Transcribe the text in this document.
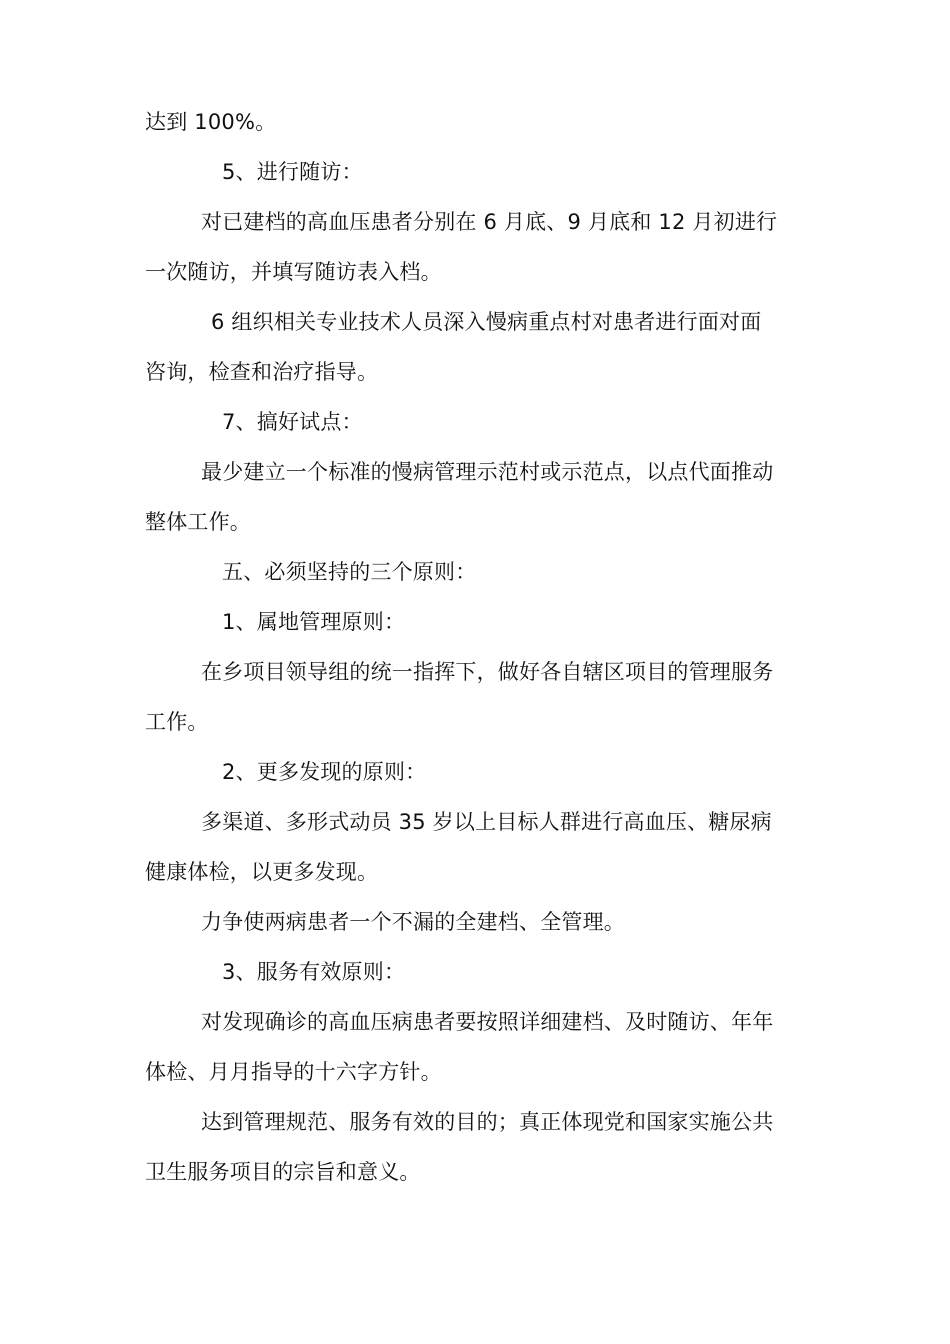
达到 100%。
5、进行随访：
对已建档的高血压患者分别在 6 月底、9 月底和 12 月初进行
一次随访，并填写随访表入档。
6 组织相关专业技术人员深入慢病重点村对患者进行面对面
咨询，检查和治疗指导。
7、搞好试点：
最少建立一个标准的慢病管理示范村或示范点，以点代面推动
整体工作。
五、必须坚持的三个原则：
1、属地管理原则：
在乡项目领导组的统一指挥下，做好各自辖区项目的管理服务
工作。
2、更多发现的原则：
多渠道、多形式动员 35 岁以上目标人群进行高血压、糖尿病
健康体检，以更多发现。
力争使两病患者一个不漏的全建档、全管理。
3、服务有效原则：
对发现确诊的高血压病患者要按照详细建档、及时随访、年年
体检、月月指导的十六字方针。
达到管理规范、服务有效的目的；真正体现党和国家实施公共
卫生服务项目的宗旨和意义。
